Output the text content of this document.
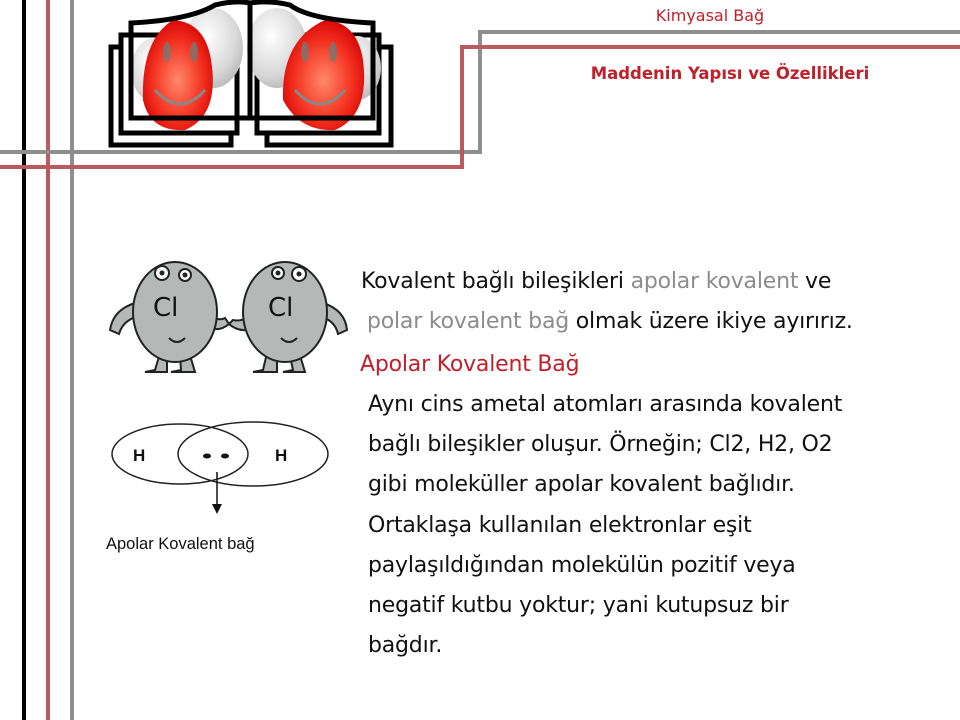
Kimyasal Bağ
Maddenin Yapısı ve Özellikleri
Cl	Cl
H	H
Apolar Kovalent bağ
Kovalent bağlı bileşikleri apolar kovalent ve
polar kovalent bağ olmak üzere ikiye ayırırız.
Apolar Kovalent Bağ
Aynı cins ametal atomları arasında kovalent
bağlı bileşikler oluşur. Örneğin; Cl2, H2, O2
gibi moleküller apolar kovalent bağlıdır.
Ortaklaşa kullanılan elektronlar eşit
paylaşıldığından molekülün pozitif veya
negatif kutbu yoktur; yani kutupsuz bir
bağdır.
